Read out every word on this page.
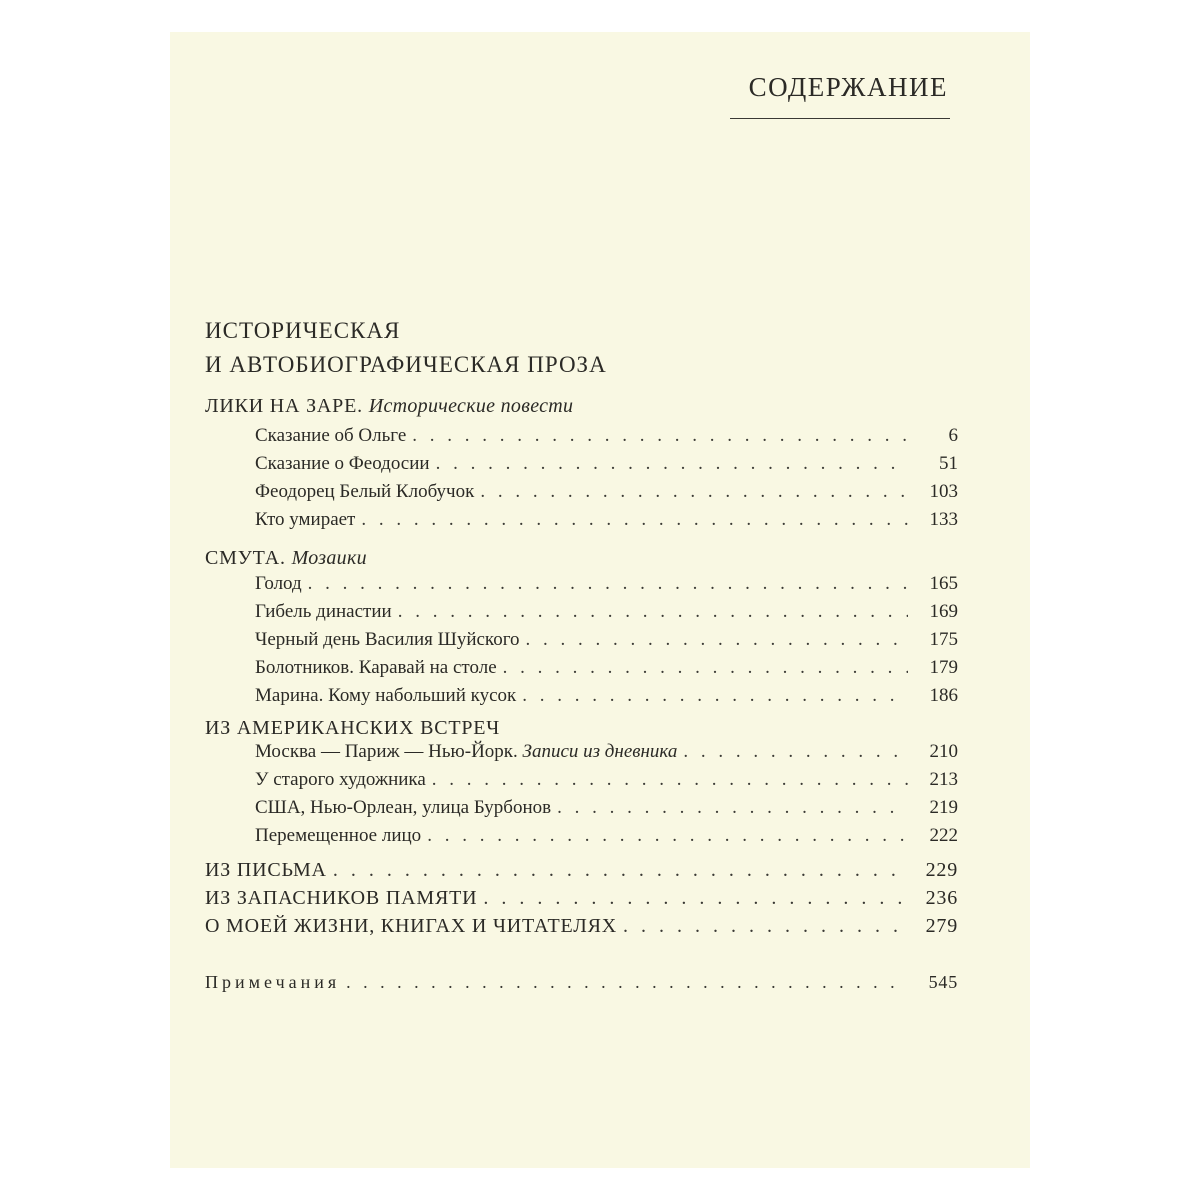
СОДЕРЖАНИЕ
ИСТОРИЧЕСКАЯ
И АВТОБИОГРАФИЧЕСКАЯ ПРОЗА
ЛИКИ НА ЗАРЕ. Исторические повести
Сказание об Ольге . . .	6
Сказание о Феодосии . . .	51
Феодорец Белый Клобучок . . .	103
Кто умирает . . .	133
СМУТА. Мозаики
Голод . . .	165
Гибель династии . . .	169
Черный день Василия Шуйского . . .	175
Болотников. Каравай на столе . . .	179
Марина. Кому набольший кусок . . .	186
ИЗ АМЕРИКАНСКИХ ВСТРЕЧ
Москва — Париж — Нью-Йорк. Записи из дневника . . .	210
У старого художника . . .	213
США, Нью-Орлеан, улица Бурбонов . . .	219
Перемещенное лицо . . .	222
ИЗ ПИСЬМА . . .	229
ИЗ ЗАПАСНИКОВ ПАМЯТИ . . .	236
О МОЕЙ ЖИЗНИ, КНИГАХ И ЧИТАТЕЛЯХ . . .	279
Примечания . . .	545
